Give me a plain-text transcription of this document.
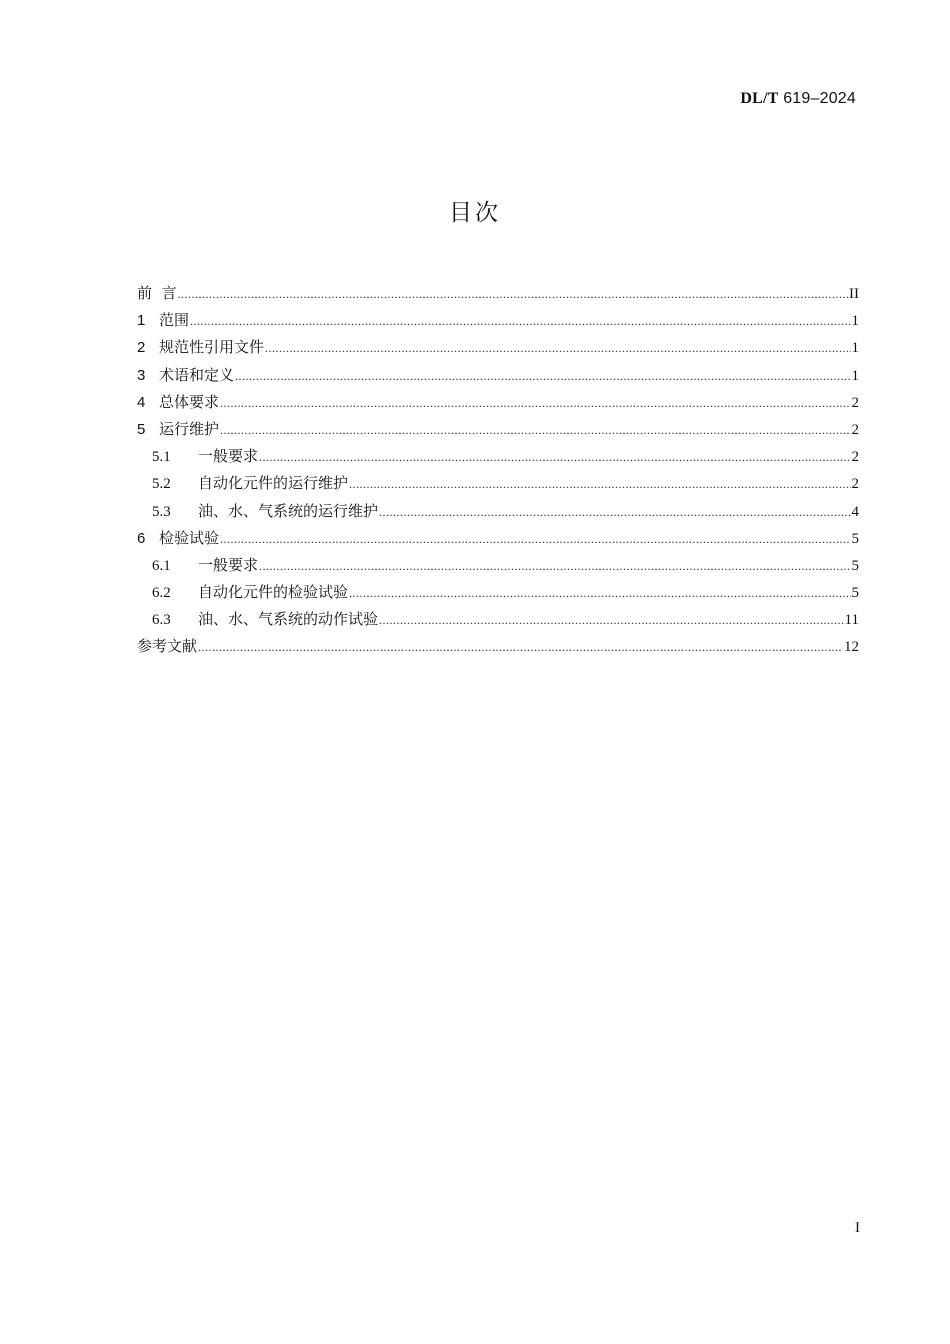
DL/T 619–2024
目次
前  言 .....	II
1 范围 .....	1
2 规范性引用文件 .....	1
3 术语和定义 .....	1
4 总体要求 .....	2
5 运行维护 .....	2
5.1	一般要求 .....	2
5.2	自动化元件的运行维护 .....	2
5.3	油、水、气系统的运行维护 .....	4
6 检验试验 .....	5
6.1	一般要求 .....	5
6.2	自动化元件的检验试验 .....	5
6.3	油、水、气系统的动作试验 .....	11
参考文献 .....	12
I
